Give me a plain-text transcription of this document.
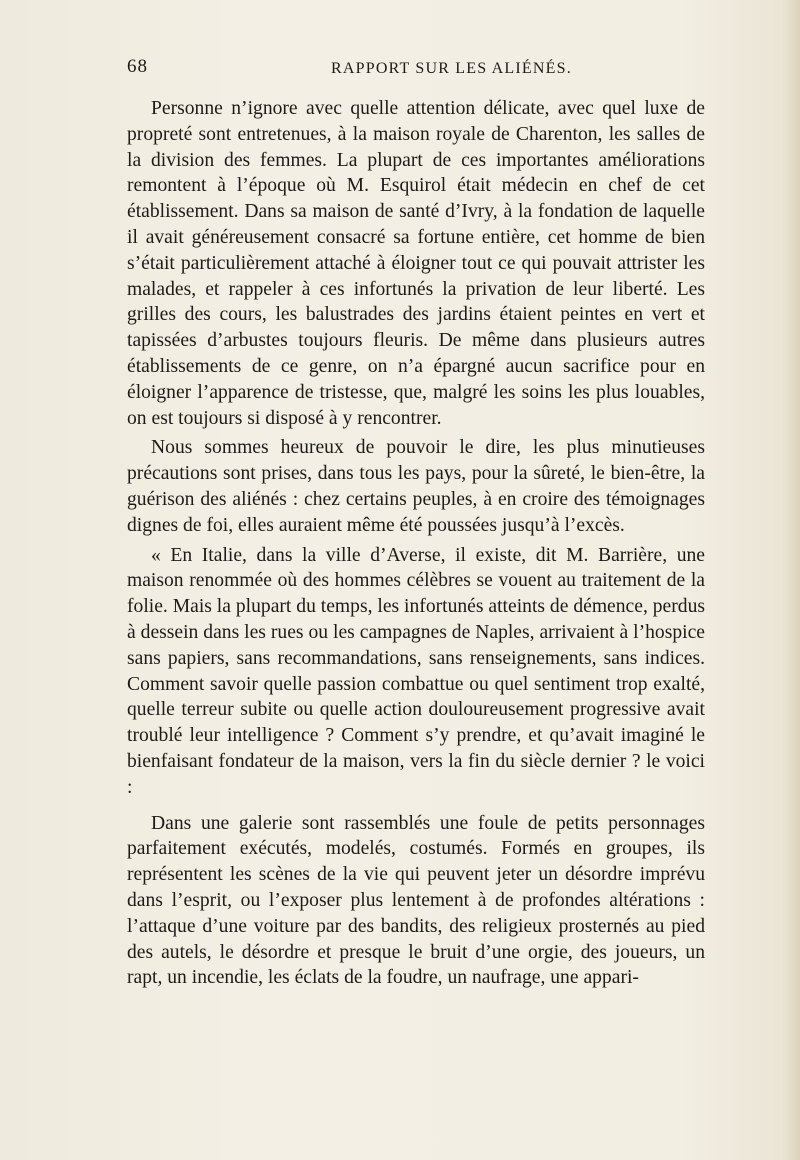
68	RAPPORT SUR LES ALIÉNÉS.

Personne n’ignore avec quelle attention délicate, avec quel luxe de propreté sont entretenues, à la maison royale de Charenton, les salles de la division des femmes. La plupart de ces importantes améliorations remontent à l’époque où M. Esquirol était médecin en chef de cet établissement. Dans sa maison de santé d’Ivry, à la fondation de laquelle il avait généreusement consacré sa fortune entière, cet homme de bien s’était particulièrement attaché à éloigner tout ce qui pouvait attrister les malades, et rappeler à ces infortunés la privation de leur liberté. Les grilles des cours, les balustrades des jardins étaient peintes en vert et tapissées d’arbustes toujours fleuris. De même dans plusieurs autres établissements de ce genre, on n’a épargné aucun sacrifice pour en éloigner l’apparence de tristesse, que, malgré les soins les plus louables, on est toujours si disposé à y rencontrer.

Nous sommes heureux de pouvoir le dire, les plus minutieuses précautions sont prises, dans tous les pays, pour la sûreté, le bien-être, la guérison des aliénés : chez certains peuples, à en croire des témoignages dignes de foi, elles auraient même été poussées jusqu’à l’excès.

« En Italie, dans la ville d’Averse, il existe, dit M. Barrière, une maison renommée où des hommes célèbres se vouent au traitement de la folie. Mais la plupart du temps, les infortunés atteints de démence, perdus à dessein dans les rues ou les campagnes de Naples, arrivaient à l’hospice sans papiers, sans recommandations, sans renseignements, sans indices. Comment savoir quelle passion combattue ou quel sentiment trop exalté, quelle terreur subite ou quelle action douloureusement progressive avait troublé leur intelligence ? Comment s’y prendre, et qu’avait imaginé le bienfaisant fondateur de la maison, vers la fin du siècle dernier ? le voici :

Dans une galerie sont rassemblés une foule de petits personnages parfaitement exécutés, modelés, costumés. Formés en groupes, ils représentent les scènes de la vie qui peuvent jeter un désordre imprévu dans l’esprit, ou l’exposer plus lentement à de profondes altérations : l’attaque d’une voiture par des bandits, des religieux prosternés au pied des autels, le désordre et presque le bruit d’une orgie, des joueurs, un rapt, un incendie, les éclats de la foudre, un naufrage, une appari-
